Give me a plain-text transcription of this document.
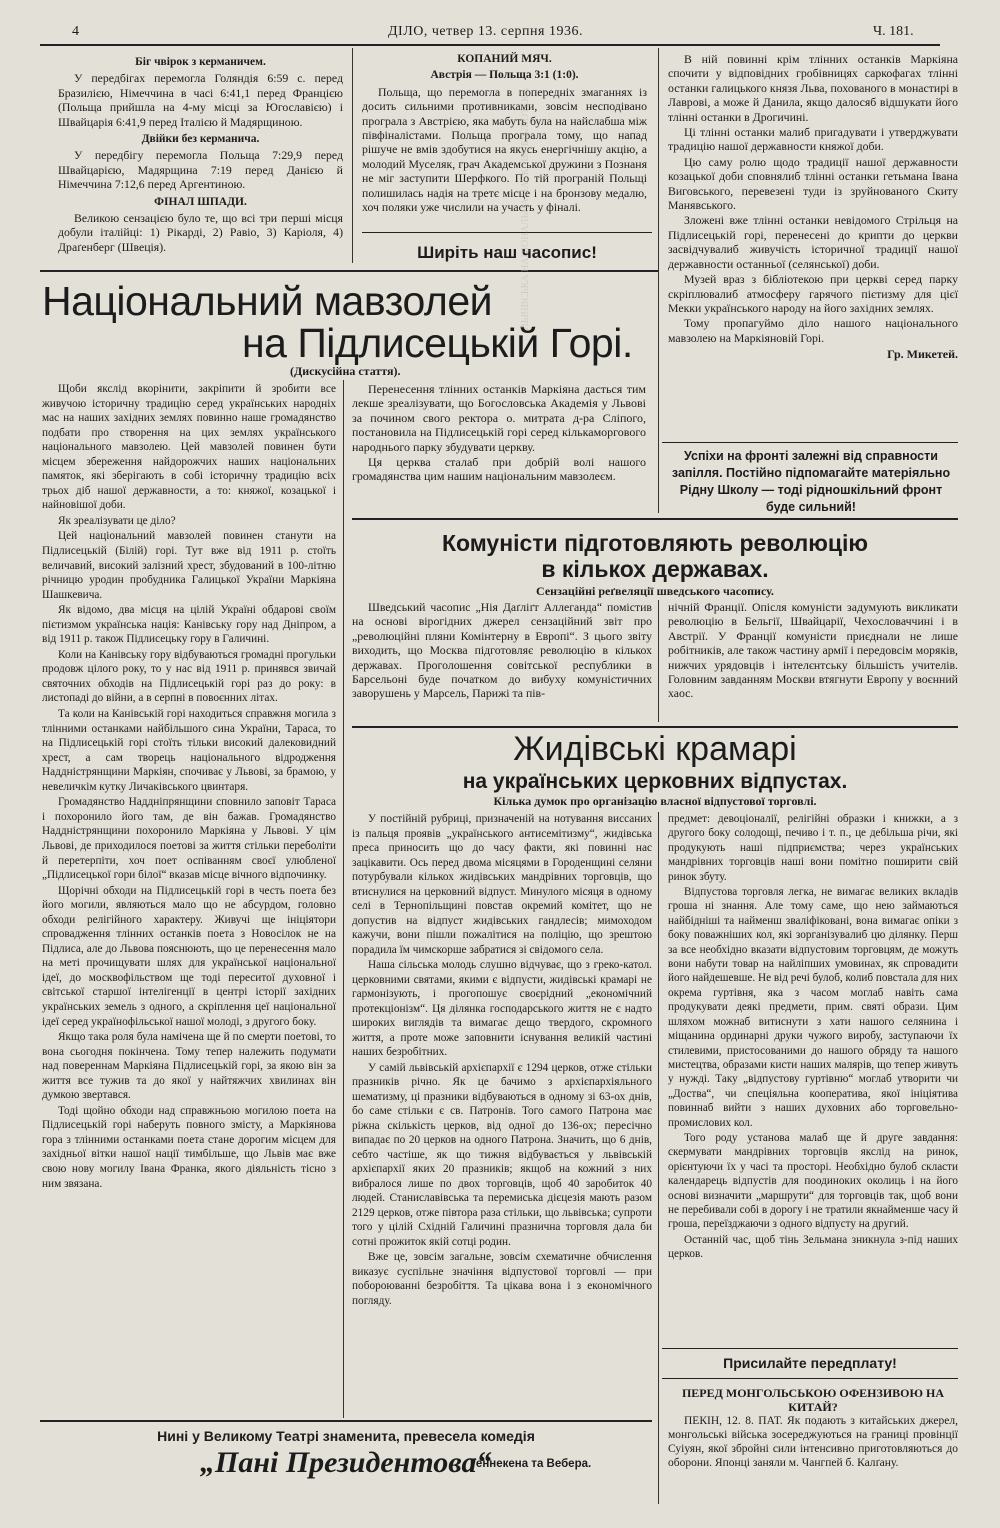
4	ДІЛО, четвер 13. серпня 1936.	Ч. 181.
Біг чвірок з керманичем.

У передбігах перемогла Голяндія 6:59 с. перед Бразилією, Німеччина в часі 6:41,1 перед Францією (Польща прийшла на 4-му місці за Югославією) і Швайцарія 6:41,9 перед Італією й Мадярщиною.

Двійки без керманича.

У передбігу перемогла Польща 7:29,9 перед Швайцарією, Мадярщина 7:19 перед Данією й Німеччина 7:12,6 перед Аргентиною.

ФІНАЛ ШПАДИ.

Великою сензацією було те, що всі три перші місця добули італійці: 1) Рікарді, 2) Равіо, 3) Каріоля, 4) Драґенберг (Швеція).

КОПАНИЙ МЯЧ.
Австрія — Польща 3:1 (1:0).

Польща, що перемогла в попередніх змаганнях із досить сильними противниками, зовсім несподівано програла з Австрією, яка мабуть була на найслабша між півфіналістами. Польща програла тому, що напад рішуче не вмів здобутися на якусь енергічнішу акцію, а молодий Муселяк, грач Академської дружини з Познаня не міг заступити Шерфкого. По тій програній Польщі полишилась надія на третє місце і на бронзову медалю, хоч поляки уже числили на участь у фіналі.

Ширіть наш часопис!
Національний мавзолей
на Підлисецькій Горі.
(Дискусійна стаття).

Щоби якслід вкорінити, закріпити й зробити все живучою історичну традицію серед українських народніх мас на наших західних землях повинно наше громадянство подбати про створення на цих землях українського національного мавзолею. Цей мавзолей повинен бути місцем збереження найдорожчих наших національних памяток, які зберігають в собі історичну традицію всіх трьох діб нашої державности, а то: княжої, козацької і найновішої доби.

Як зреалізувати це діло?

Цей національний мавзолей повинен станути на Підлисецькій (Білій) горі. Тут вже від 1911 р. стоїть величавий, високий залізний хрест, збудований в 100-літню річницю уродин пробудника Галицької України Маркіяна Шашкевича.

Як відомо, два місця на цілій Україні обдарові своїм пієтизмом українська нація: Канівську гору над Дніпром, а від 1911 р. також Підлисецьку гору в Галичині.

Коли на Канівську гору відбуваються громадні прогульки продовж цілого року, то у нас від 1911 р. принявся звичай святочних обходів на Підлисецькій горі раз до року: в листопаді до війни, а в серпні в повоєнних літах.

Та коли на Канівській горі находиться справжня могила з тлінними останками найбільшого сина України, Тараса, то на Підлисецькій горі стоїть тільки високий далековидний хрест, а сам творець національного відродження Наддністрянщини Маркіян, спочиває у Львові, за брамою, у невеличкім кутку Личаківського цвинтаря.

Громадянство Наддніпрянщини сповнило заповіт Тараса і похоронило його там, де він бажав. Громадянство Наддністрянщини похоронило Маркіяна у Львові. У цім Львові, де приходилося поетові за життя стільки переболіти й перетерпіти, хоч поет оспіванням своєї улюбленої „Підлисецької гори білої“ вказав місце вічного відпочинку.

Щорічні обходи на Підлисецькій горі в честь поета без його могили, являються мало що не абсурдом, головно обходи релігійного характеру. Живучі ще ініціятори спровадження тлінних останків поета з Новосілок не на Підлиса, але до Львова пояснюють, що це перенесення мало на меті прочищувати шлях для української національної ідеї, до москвофільством ще тоді переситої духовної і світської старшої інтелігенції в центрі історії західних українських земель з одного, а скріплення цеї національної ідеї серед українофільської нашої молоді, з другого боку.

Якщо така роля була намічена ще й по смерти поетові, то вона сьогодня покінчена. Тому тепер належить подумати над повереннам Маркіяна Підлисецькій горі, за якою він за життя все тужив та до якої у найтяжчих хвилинах він думкою звертався.

Тоді щойно обходи над справжньою могилою поета на Підлисецькій горі наберуть повного змісту, а Маркіянова гора з тлінними останками поета стане дорогим місцем для західньої вітки нашої нації тимбільше, що Львів має вже свою нову могилу Івана Франка, якого діяльність тісно з ним звязана.

Перенесення тлінних останків Маркіяна дасться тим лекше зреалізувати, що Богословська Академія у Львові за почином свого ректора о. митрата д-ра Сліпого, постановила на Підлисецькій горі серед кількаморгового народнього парку збудувати церкву.

Ця церква сталаб при добрій волі нашого громадянства цим нашим національним мавзолеєм.

В ній повинні крім тлінних останків Маркіяна спочити у відповідних гробівницях саркофагах тлінні останки галицького князя Льва, похованого в монастирі в Лаврові, а може й Данила, якщо далосяб відшукати його тлінні останки в Дрогичині.

Ці тлінні останки малиб пригадувати і утверджувати традицію нашої державности княжої доби.

Цю саму ролю щодо традиції нашої державности козацької доби сповнялиб тлінні останки гетьмана Івана Виговського, перевезені туди із зруйнованого Скиту Манявського.

Зложені вже тлінні останки невідомого Стрільця на Підлисецькій горі, перенесені до крипти до церкви засвідчувалиб живучість історичної традиції нашої державности останньої (селянської) доби.

Музей враз з бібліотекою при церкві серед парку скріплювалиб атмосферу гарячого пієтизму для цієї Мекки українського народу на його західних землях.

Тому пропагуймо діло нашого національного мавзолею на Маркіяновій Горі.

Гр. Микетей.
Успіхи на фронті залежні від справности запілля. Постійно підпомагайте матеріяльно Рідну Школу — тоді рідношкільний фронт буде сильний!
Комуністи підготовляють революцію
в кількох державах.
Сензаційні реґвеляції шведського часопису.

Шведський часопис „Нія Даґліґт Аллеганда“ помістив на основі вірогідних джерел сензаційний звіт про „революційні пляни Комінтерну в Европі“. З цього звіту виходить, що Москва підготовляє революцію в кількох державах. Проголошення совітської республики в Барсельоні буде початком до вибуху комуністичних заворушень у Марсель, Парижі та пів-

нічній Франції. Опісля комуністи задумують викликати революцію в Бельгії, Швайцарії, Чехословаччині і в Австрії. У Франції комуністи приєднали не лише робітників, але також частину армії і передовсім моряків, нижчих урядовців і інтелєнтську більшість учителів. Головним завданням Москви втягнути Европу у воєнний хаос.

Жидівські крамарі
на українських церковних відпустах.
Кілька думок про організацію власної відпустової торговлі.

У постійній рубриці, призначеній на нотування виссаних із пальця проявів „українського антисемітизму“, жидівська преса приносить що до часу факти, які повинні нас зацікавити. Ось перед двома місяцями в Городенщині селяни потурбували кількох жидівських мандрівних торговців, що втиснулися на церковний відпуст. Минулого місяця в одному селі в Тернопільщині повстав окремий комітет, що не допустив на відпуст жидівських гандлесів; мимоходом кажучи, вони пішли пожалітися на поліцію, що зрештою порадила їм чимскорше забратися зі свідомого села.

Наша сільська молодь слушно відчуває, що з греко-катол. церковними святами, якими є відпусти, жидівські крамарі не гармонізують, і прогопошує своєрідний „економічний протекціонізм“. Ця ділянка господарського життя не є надто широких виглядів та вимагає дещо твердого, скромного життя, а проте може заповнити існування великій частині наших безробітних.

У самій львівській архієпархії є 1294 церков, отже стільки празників річно. Як це бачимо з архієпархіяльного шематизму, ці празники відбуваються в одному зі 63-ох днів, бо саме стільки є св. Патронів. Того самого Патрона має ріжна скількість церков, від одної до 136-ох; пересічно випадає по 20 церков на одного Патрона. Значить, що 6 днів, себто частіше, як що тижня відбувається у львівській архієпархії яких 20 празників; якщоб на кожний з них вибралося лише по двох торговців, щоб 40 заробиток 40 людей. Станиславівська та перемиська дієцезія мають разом 2129 церков, отже півтора раза стільки, що львівська; супроти того у цілій Східній Галичині празнична торговля дала би сотні прожиток якій сотці родин.

Вже це, зовсім загальне, зовсім схематичне обчислення виказує суспільне значіння відпустової торговлі — при побороюванні безробіття. Та цікава вона і з економічного погляду.

предмет: девоціоналії, релігійні образки і книжки, а з другого боку солодощі, печиво і т. п., це дебільша річи, які продукують наші підприємства; через українських мандрівних торговців наші вони помітно поширити свій ринок збуту.

Відпустова торговля легка, не вимагає великих вкладів гроша ні знання. Але тому саме, що нею займаються найбідніші та найменш зваліфіковані, вона вимагає опіки з боку поважніших кол, які зорганізувалиб цю ділянку. Перш за все необхідно вказати відпустовим торговцям, де можуть вони набути товар на найліпших умовинах, як спровадити його найдешевше. Не від речі булоб, колиб повстала для них окрема гуртівня, яка з часом моглаб навіть сама продукувати деякі предмети, прим. святі образи. Цим шляхом можнаб витиснути з хати нашого селянина і міщанина ординарні друки чужого виробу, заступаючи їх стилевими, пристосованими до нашого обряду та нашого мистецтва, образами кисти наших малярів, що тепер живуть у нужді. Таку „відпустову гуртівню“ моглаб утворити чи „Доства“, чи спеціяльна кооператива, якої ініціятива повиннаб вийти з наших духовних або торговельно-промислових кол.

Того роду установа малаб ще й друге завдання: скермувати мандрівних торговців якслід на ринок, орієнтуючи їх у часі та просторі. Необхідно булоб скласти календарець відпустів для поодиноких околиць і на його основі визначити „маршрути“ для торговців так, щоб вони не перебивали собі в дорогу і не тратили якнайменше часу й гроша, переїзджаючи з одного відпусту на другий.

Останній час, щоб тінь Зельмана зникнула з-під наших церков.

Присилайте передплату!
ПЕРЕД МОНГОЛЬСЬКОЮ ОФЕНЗИВОЮ НА КИТАЙ?

ПЕКІН, 12. 8. ПАТ. Як подають з китайських джерел, монгольські війська зосереджуються на границі провінції Суіуян, якої збройні сили інтенсивно приготовляються до оборони. Японці заняли м. Чангпей б. Калґану.

Нині у Великому Театрі знаменита, превесела комедія
„Пані Президентова“
Геннекена та Вебера.
ЛЬВІВСЬКА НАЦІОНАЛЬНА НАУКОВА БІБЛІОТЕКА
